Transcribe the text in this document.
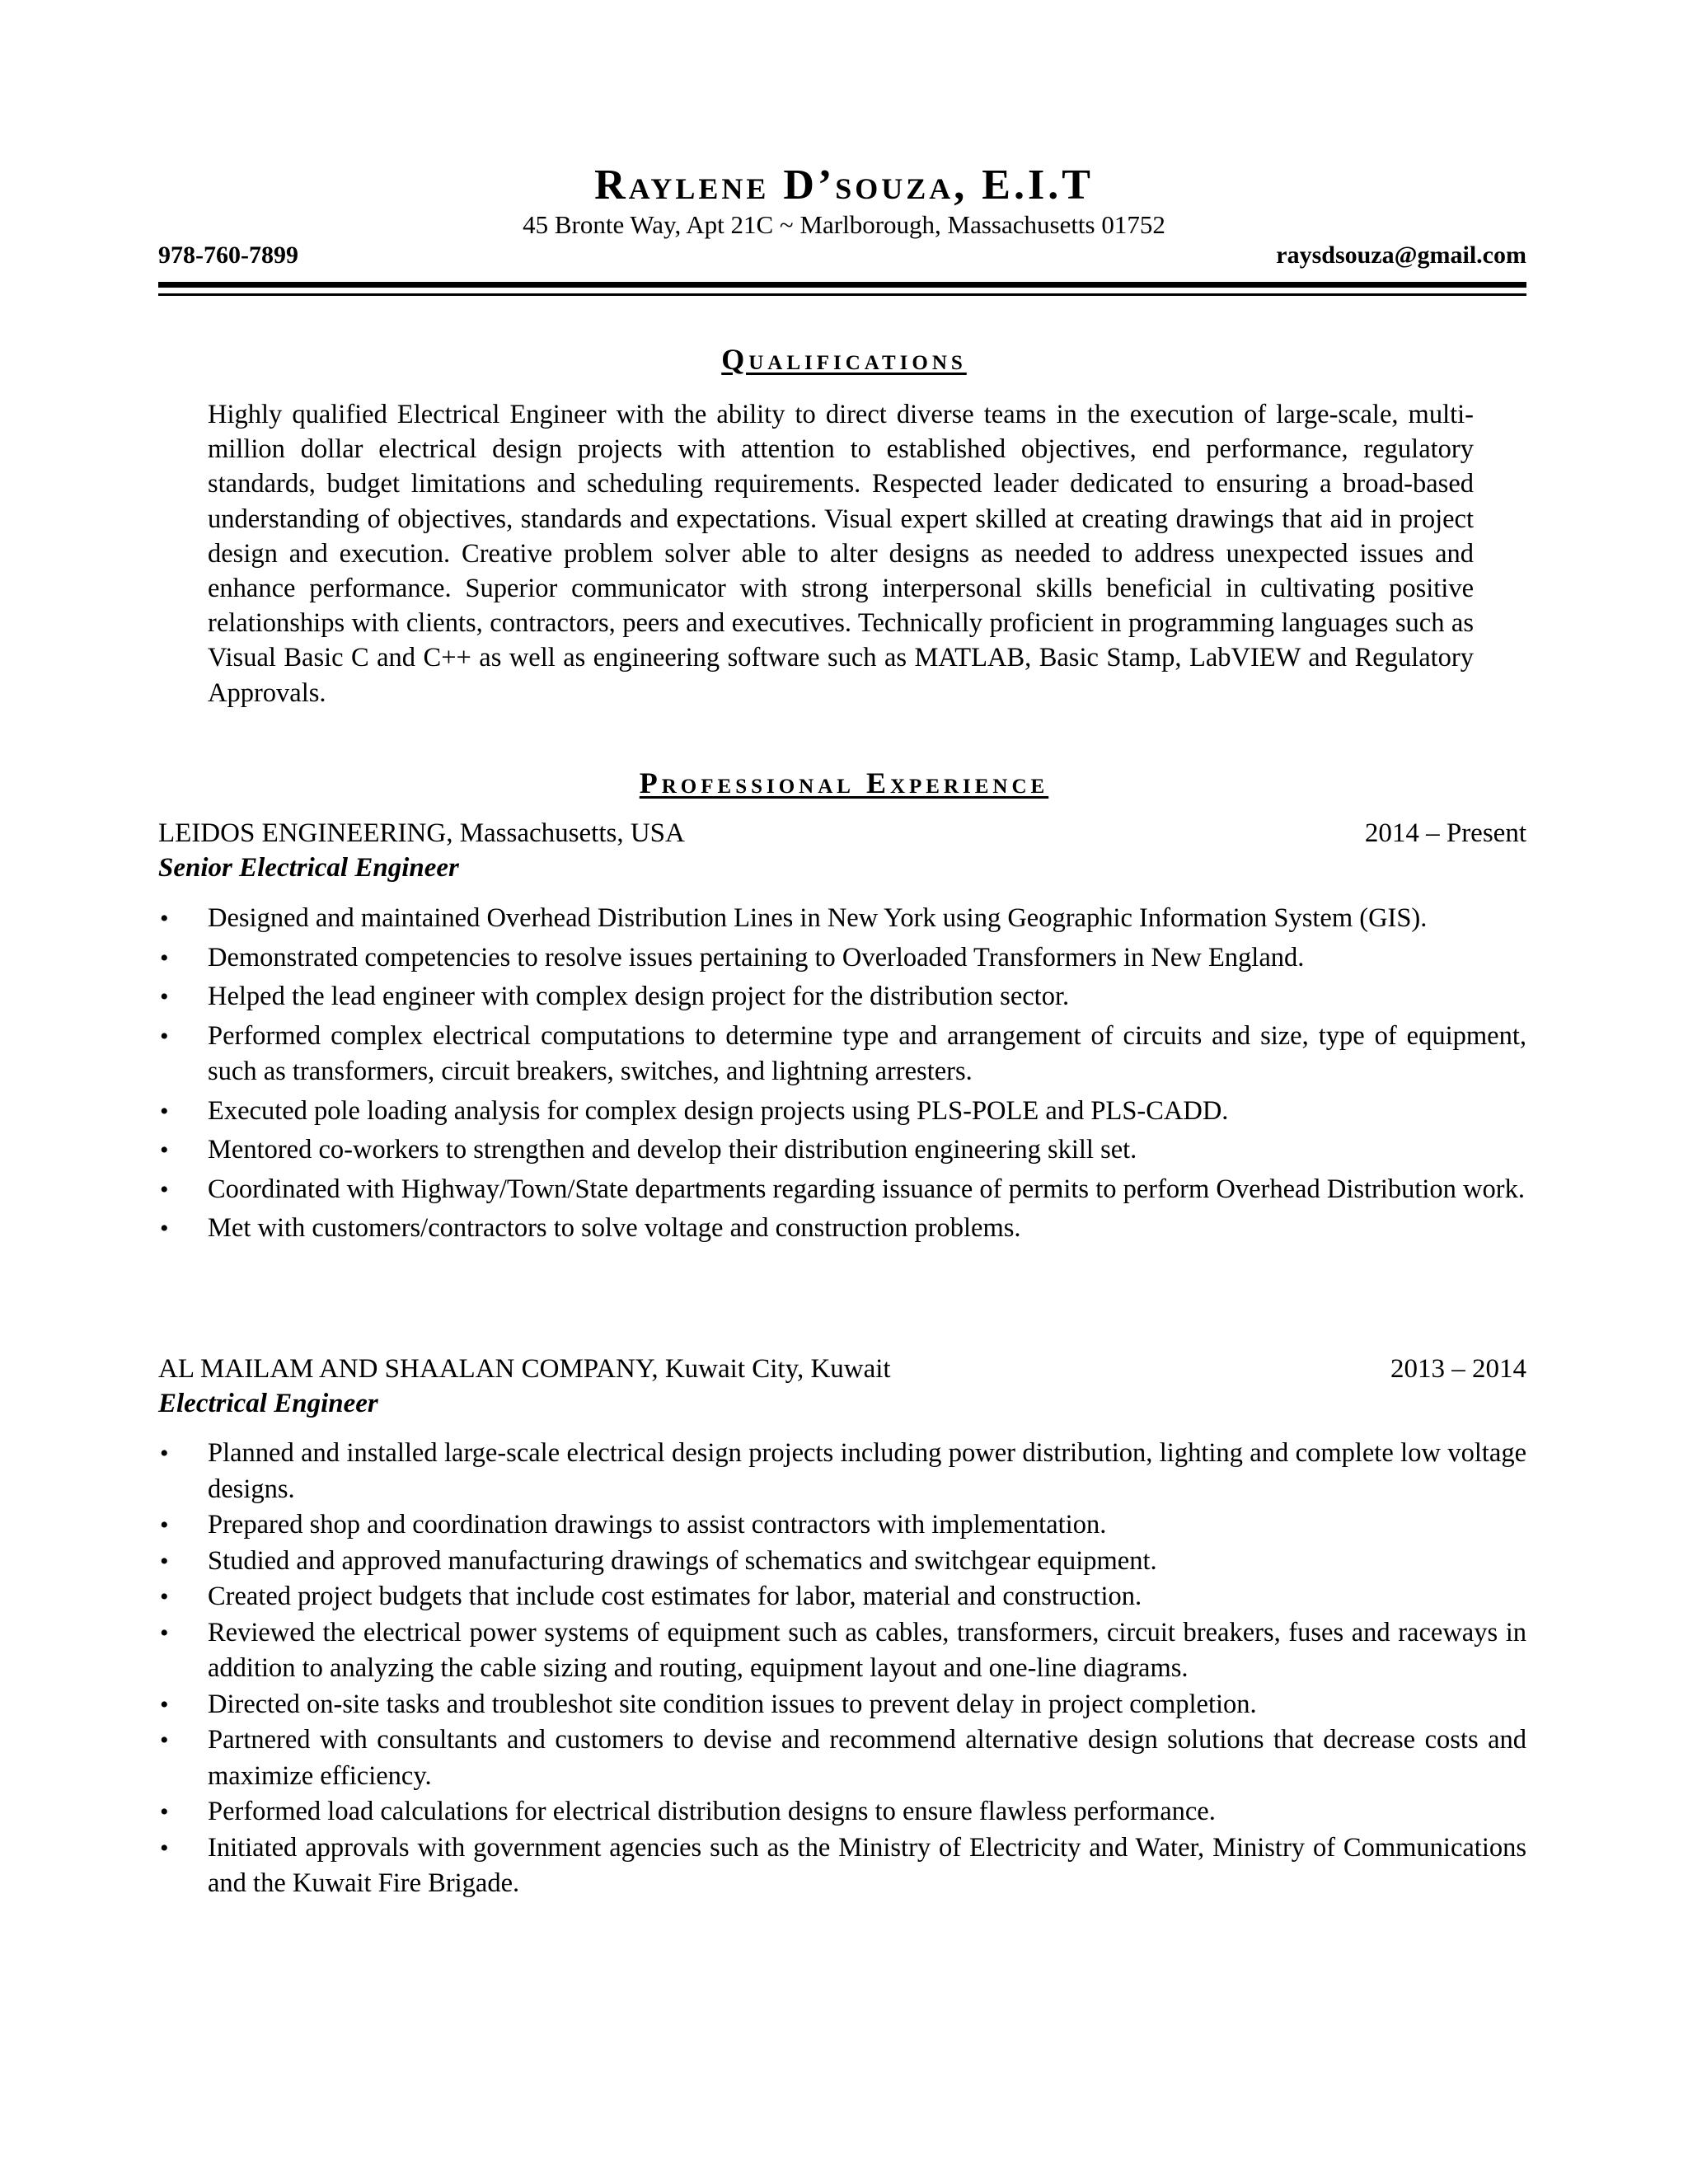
Raylene D’souza, E.I.T
45 Bronte Way, Apt 21C ~ Marlborough, Massachusetts 01752
978-760-7899	raysdsouza@gmail.com
Qualifications
Highly qualified Electrical Engineer with the ability to direct diverse teams in the execution of large-scale, multi-million dollar electrical design projects with attention to established objectives, end performance, regulatory standards, budget limitations and scheduling requirements. Respected leader dedicated to ensuring a broad-based understanding of objectives, standards and expectations. Visual expert skilled at creating drawings that aid in project design and execution. Creative problem solver able to alter designs as needed to address unexpected issues and enhance performance. Superior communicator with strong interpersonal skills beneficial in cultivating positive relationships with clients, contractors, peers and executives. Technically proficient in programming languages such as Visual Basic C and C++ as well as engineering software such as MATLAB, Basic Stamp, LabVIEW and Regulatory Approvals.
Professional Experience
LEIDOS ENGINEERING, Massachusetts, USA	2014 – Present
Senior Electrical Engineer
• Designed and maintained Overhead Distribution Lines in New York using Geographic Information System (GIS).
• Demonstrated competencies to resolve issues pertaining to Overloaded Transformers in New England.
• Helped the lead engineer with complex design project for the distribution sector.
• Performed complex electrical computations to determine type and arrangement of circuits and size, type of equipment, such as transformers, circuit breakers, switches, and lightning arresters.
• Executed pole loading analysis for complex design projects using PLS-POLE and PLS-CADD.
• Mentored co-workers to strengthen and develop their distribution engineering skill set.
• Coordinated with Highway/Town/State departments regarding issuance of permits to perform Overhead Distribution work.
• Met with customers/contractors to solve voltage and construction problems.
AL MAILAM AND SHAALAN COMPANY, Kuwait City, Kuwait	2013 – 2014
Electrical Engineer
• Planned and installed large-scale electrical design projects including power distribution, lighting and complete low voltage designs.
• Prepared shop and coordination drawings to assist contractors with implementation.
• Studied and approved manufacturing drawings of schematics and switchgear equipment.
• Created project budgets that include cost estimates for labor, material and construction.
• Reviewed the electrical power systems of equipment such as cables, transformers, circuit breakers, fuses and raceways in addition to analyzing the cable sizing and routing, equipment layout and one-line diagrams.
• Directed on-site tasks and troubleshot site condition issues to prevent delay in project completion.
• Partnered with consultants and customers to devise and recommend alternative design solutions that decrease costs and maximize efficiency.
• Performed load calculations for electrical distribution designs to ensure flawless performance.
• Initiated approvals with government agencies such as the Ministry of Electricity and Water, Ministry of Communications and the Kuwait Fire Brigade.
